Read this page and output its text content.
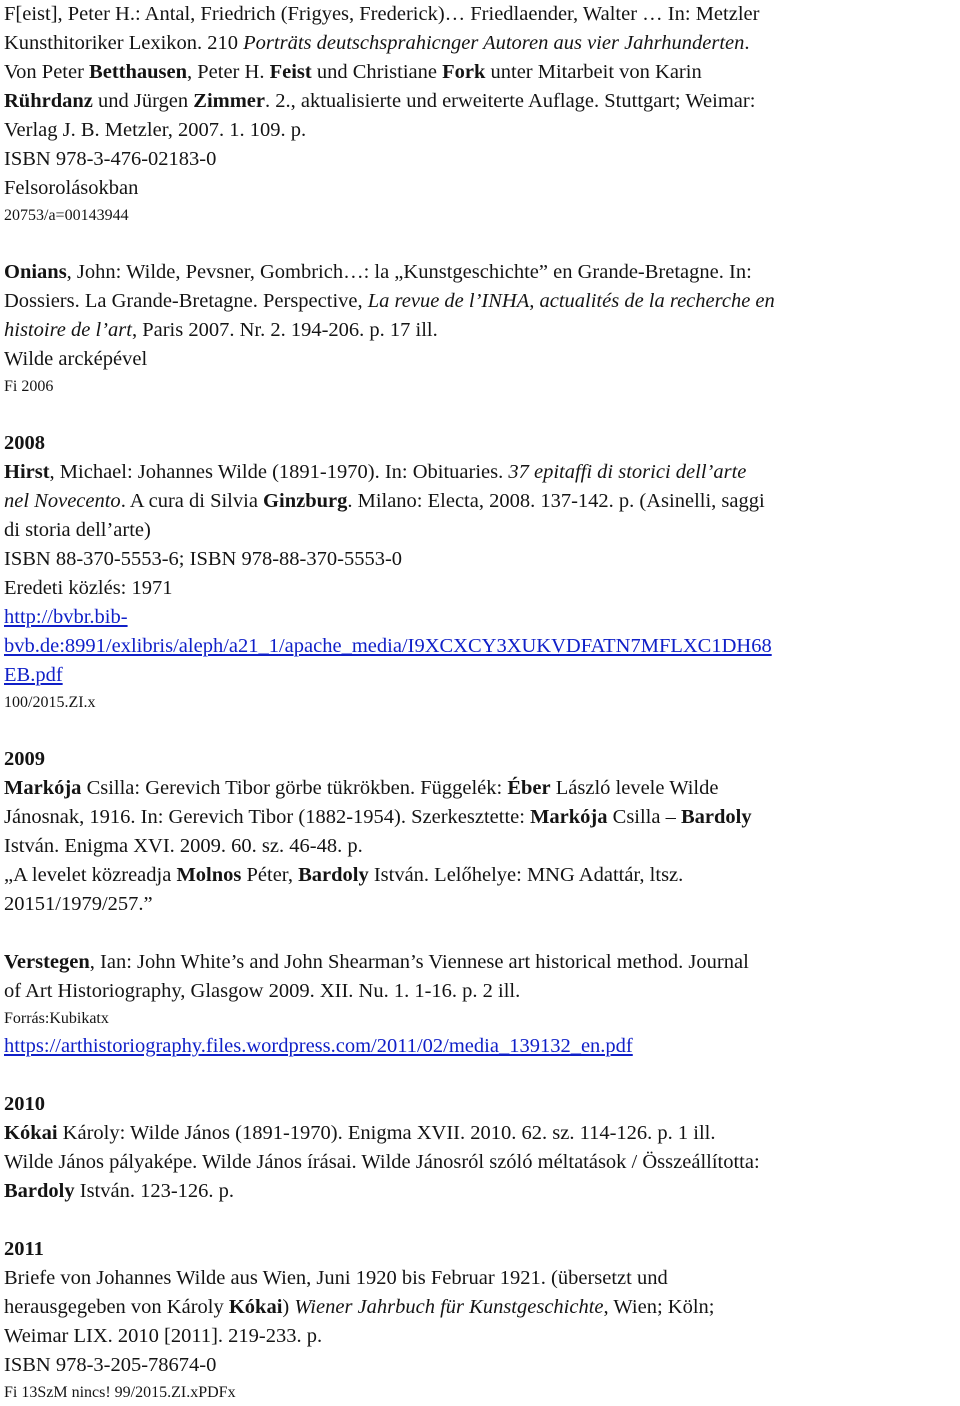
F[eist], Peter H.: Antal, Friedrich (Frigyes, Frederick)… Friedlaender, Walter … In: Metzler
Kunsthitoriker Lexikon. 210 Porträts deutschsprahicnger Autoren aus vier Jahrhunderten.
Von Peter Betthausen, Peter H. Feist und Christiane Fork unter Mitarbeit von Karin
Rührdanz und Jürgen Zimmer. 2., aktualisierte und erweiterte Auflage. Stuttgart; Weimar:
Verlag J. B. Metzler, 2007. 1. 109. p.
ISBN 978-3-476-02183-0
Felsorolásokban
20753/a=00143944
Onians, John: Wilde, Pevsner, Gombrich…: la „Kunstgeschichte” en Grande-Bretagne. In:
Dossiers. La Grande-Bretagne. Perspective, La revue de l’INHA, actualités de la recherche en
histoire de l’art, Paris 2007. Nr. 2. 194-206. p. 17 ill.
Wilde arcképével
Fi 2006
2008
Hirst, Michael: Johannes Wilde (1891-1970). In: Obituaries. 37 epitaffi di storici dell’arte
nel Novecento. A cura di Silvia Ginzburg. Milano: Electa, 2008. 137-142. p. (Asinelli, saggi
di storia dell’arte)
ISBN 88-370-5553-6; ISBN 978-88-370-5553-0
Eredeti közlés: 1971
http://bvbr.bib-
bvb.de:8991/exlibris/aleph/a21_1/apache_media/I9XCXCY3XUKVDFATN7MFLXC1DH68
EB.pdf
100/2015.ZI.x
2009
Markója Csilla: Gerevich Tibor görbe tükrökben. Függelék: Éber László levele Wilde
Jánosnak, 1916. In: Gerevich Tibor (1882-1954). Szerkesztette: Markója Csilla – Bardoly
István. Enigma XVI. 2009. 60. sz. 46-48. p.
„A levelet közreadja Molnos Péter, Bardoly István. Lelőhelye: MNG Adattár, ltsz.
20151/1979/257.”
Verstegen, Ian: John White’s and John Shearman’s Viennese art historical method. Journal
of Art Historiography, Glasgow 2009. XII. Nu. 1. 1-16. p. 2 ill.
Forrás:Kubikatx
https://arthistoriography.files.wordpress.com/2011/02/media_139132_en.pdf
2010
Kókai Károly: Wilde János (1891-1970). Enigma XVII. 2010. 62. sz. 114-126. p. 1 ill.
Wilde János pályaképe. Wilde János írásai. Wilde Jánosról szóló méltatások / Összeállította:
Bardoly István. 123-126. p.
2011
Briefe von Johannes Wilde aus Wien, Juni 1920 bis Februar 1921. (übersetzt und
herausgegeben von Károly Kókai) Wiener Jahrbuch für Kunstgeschichte, Wien; Köln;
Weimar LIX. 2010 [2011]. 219-233. p.
ISBN 978-3-205-78674-0
Fi 13SzM nincs! 99/2015.ZI.xPDFx
